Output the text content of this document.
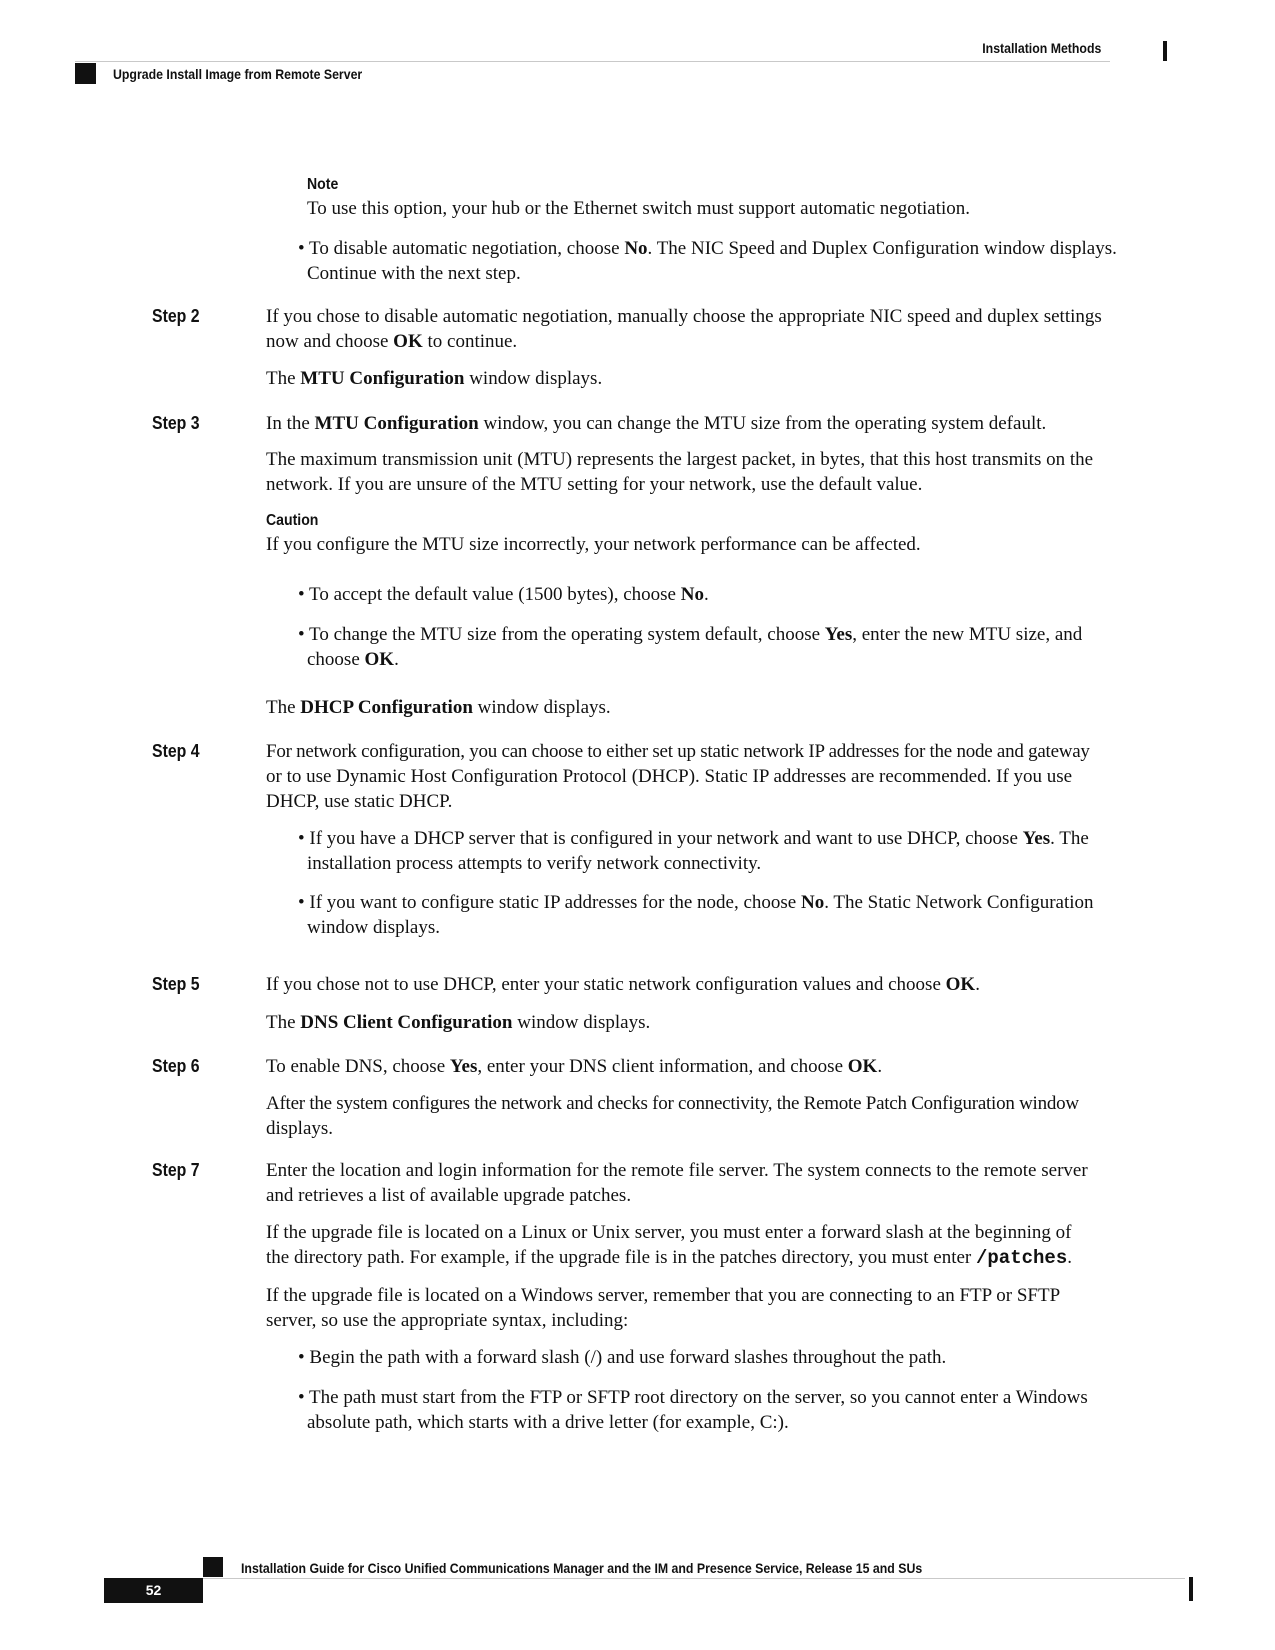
Installation Methods
Upgrade Install Image from Remote Server
Note
To use this option, your hub or the Ethernet switch must support automatic negotiation.
• To disable automatic negotiation, choose No. The NIC Speed and Duplex Configuration window displays.
Continue with the next step.
Step 2	If you chose to disable automatic negotiation, manually choose the appropriate NIC speed and duplex settings
now and choose OK to continue.
The MTU Configuration window displays.
Step 3	In the MTU Configuration window, you can change the MTU size from the operating system default.
The maximum transmission unit (MTU) represents the largest packet, in bytes, that this host transmits on the
network. If you are unsure of the MTU setting for your network, use the default value.
Caution
If you configure the MTU size incorrectly, your network performance can be affected.
• To accept the default value (1500 bytes), choose No.
• To change the MTU size from the operating system default, choose Yes, enter the new MTU size, and
choose OK.
The DHCP Configuration window displays.
Step 4	For network configuration, you can choose to either set up static network IP addresses for the node and gateway
or to use Dynamic Host Configuration Protocol (DHCP). Static IP addresses are recommended. If you use
DHCP, use static DHCP.
• If you have a DHCP server that is configured in your network and want to use DHCP, choose Yes. The
installation process attempts to verify network connectivity.
• If you want to configure static IP addresses for the node, choose No. The Static Network Configuration
window displays.
Step 5	If you chose not to use DHCP, enter your static network configuration values and choose OK.
The DNS Client Configuration window displays.
Step 6	To enable DNS, choose Yes, enter your DNS client information, and choose OK.
After the system configures the network and checks for connectivity, the Remote Patch Configuration window
displays.
Step 7	Enter the location and login information for the remote file server. The system connects to the remote server
and retrieves a list of available upgrade patches.
If the upgrade file is located on a Linux or Unix server, you must enter a forward slash at the beginning of
the directory path. For example, if the upgrade file is in the patches directory, you must enter /patches.
If the upgrade file is located on a Windows server, remember that you are connecting to an FTP or SFTP
server, so use the appropriate syntax, including:
• Begin the path with a forward slash (/) and use forward slashes throughout the path.
• The path must start from the FTP or SFTP root directory on the server, so you cannot enter a Windows
absolute path, which starts with a drive letter (for example, C:).
Installation Guide for Cisco Unified Communications Manager and the IM and Presence Service, Release 15 and SUs
52
